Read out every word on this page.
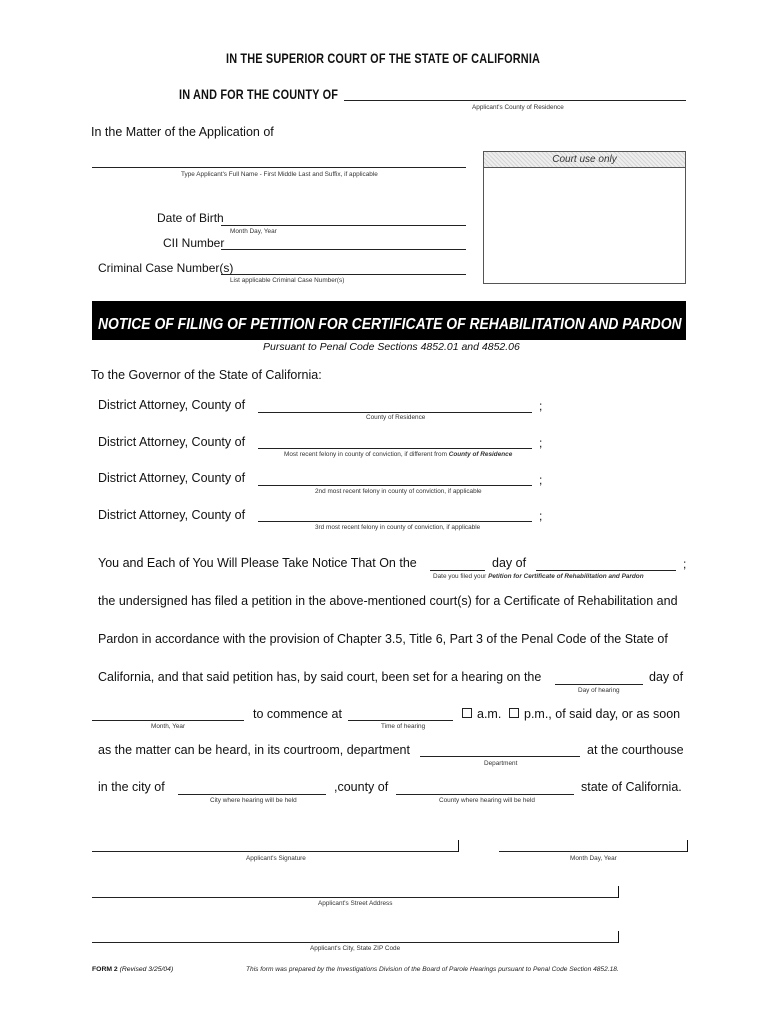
IN THE SUPERIOR COURT OF THE STATE OF CALIFORNIA
IN AND FOR THE COUNTY OF
Applicant's County of Residence
In the Matter of the Application of
Type Applicant's Full Name - First Middle Last and Suffix, if applicable
Date of Birth
Month Day, Year
CII Number
Criminal Case Number(s)
List applicable Criminal Case Number(s)
Court use only
NOTICE OF FILING OF PETITION FOR CERTIFICATE OF REHABILITATION AND PARDON
Pursuant to Penal Code Sections 4852.01 and 4852.06
To the Governor of the State of California:
District Attorney, County of	;
County of Residence
District Attorney, County of	;
Most recent felony in county of conviction, if different from County of Residence
District Attorney, County of	;
2nd most recent felony in county of conviction, if applicable
District Attorney, County of	;
3rd most recent felony in county of conviction, if applicable
You and Each of You Will Please Take Notice That On the	day of	;
Date you filed your Petition for Certificate of Rehabilitation and Pardon
the undersigned has filed a petition in the above-mentioned court(s) for a Certificate of Rehabilitation and
Pardon in accordance with the provision of Chapter 3.5, Title 6, Part 3 of the Penal Code of the State of
California, and that said petition has, by said court, been set for a hearing on the	day of
Day of hearing
to commence at	a.m. p.m., of said day, or as soon
Month, Year	Time of hearing
as the matter can be heard, in its courtroom, department	at the courthouse
Department
in the city of	,county of	state of California.
City where hearing will be held	County where hearing will be held
Applicant's Signature	Month Day, Year
Applicant's Street Address
Applicant's City, State ZIP Code
FORM 2 (Revised 3/25/04)	This form was prepared by the Investigations Division of the Board of Parole Hearings pursuant to Penal Code Section 4852.18.
